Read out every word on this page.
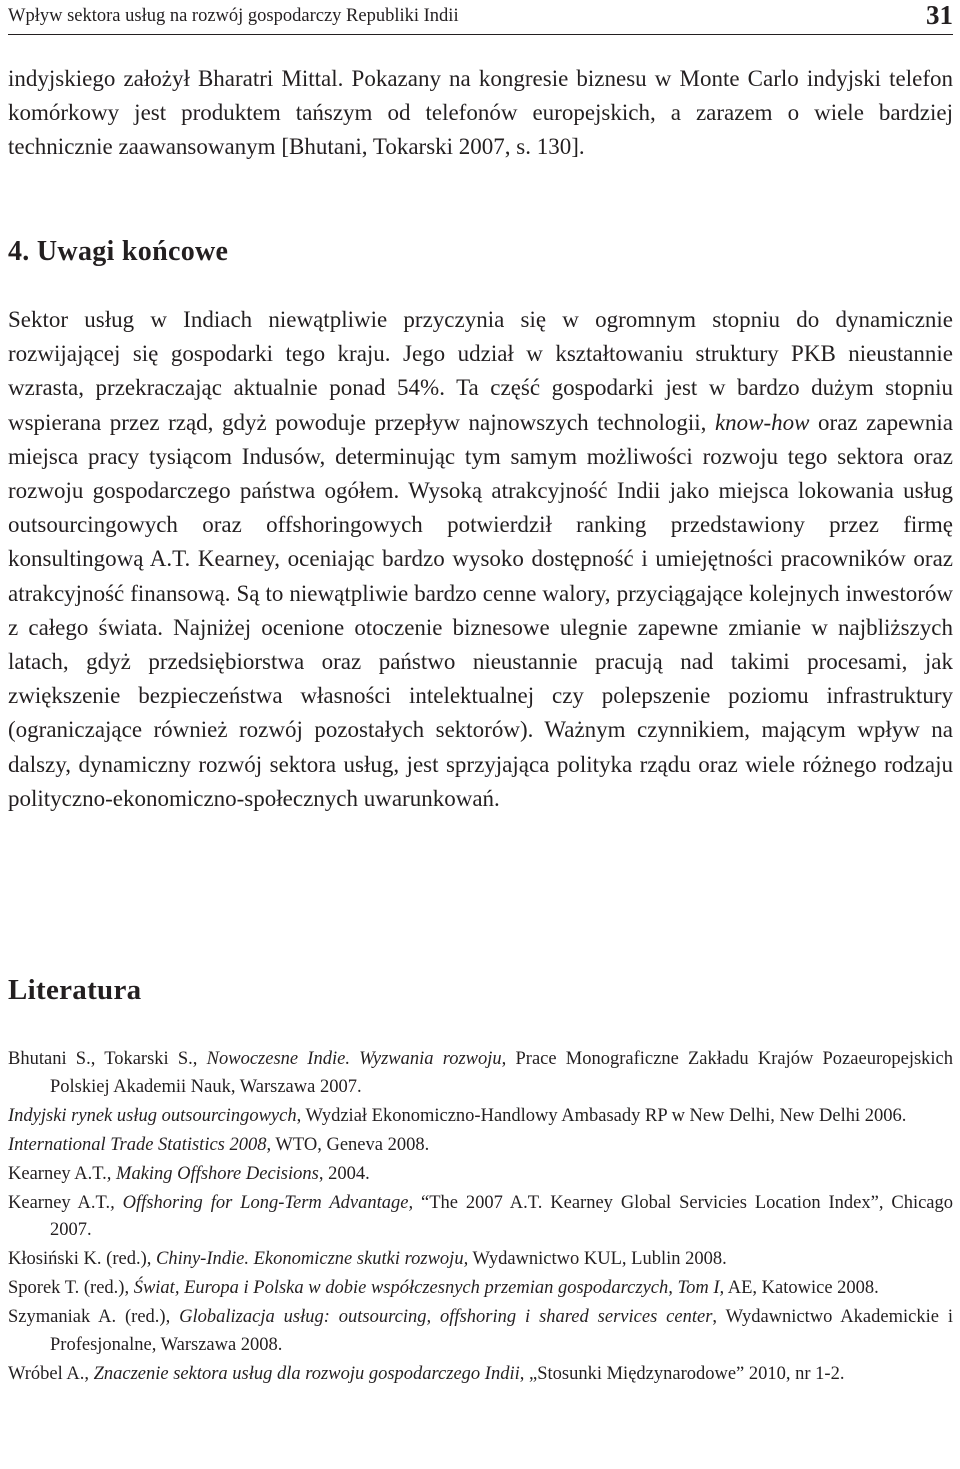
Wpływ sektora usług na rozwój gospodarczy Republiki Indii	31

indyjskiego założył Bharatri Mittal. Pokazany na kongresie biznesu w Monte Carlo indyjski telefon komórkowy jest produktem tańszym od telefonów europejskich, a zarazem o wiele bardziej technicznie zaawansowanym [Bhutani, Tokarski 2007, s. 130].

4. Uwagi końcowe

Sektor usług w Indiach niewątpliwie przyczynia się w ogromnym stopniu do dynamicznie rozwijającej się gospodarki tego kraju. Jego udział w kształtowaniu struktury PKB nieustannie wzrasta, przekraczając aktualnie ponad 54%. Ta część gospodarki jest w bardzo dużym stopniu wspierana przez rząd, gdyż powoduje przepływ najnowszych technologii, know-how oraz zapewnia miejsca pracy tysiącom Indusów, determinując tym samym możliwości rozwoju tego sektora oraz rozwoju gospodarczego państwa ogółem. Wysoką atrakcyjność Indii jako miejsca lokowania usług outsourcingowych oraz offshoringowych potwierdził ranking przedstawiony przez firmę konsultingową A.T. Kearney, oceniając bardzo wysoko dostępność i umiejętności pracowników oraz atrakcyjność finansową. Są to niewątpliwie bardzo cenne walory, przyciągające kolejnych inwestorów z całego świata. Najniżej ocenione otoczenie biznesowe ulegnie zapewne zmianie w najbliższych latach, gdyż przedsiębiorstwa oraz państwo nieustannie pracują nad takimi procesami, jak zwiększenie bezpieczeństwa własności intelektualnej czy polepszenie poziomu infrastruktury (ograniczające również rozwój pozostałych sektorów). Ważnym czynnikiem, mającym wpływ na dalszy, dynamiczny rozwój sektora usług, jest sprzyjająca polityka rządu oraz wiele różnego rodzaju polityczno-ekonomiczno-społecznych uwarunkowań.

Literatura

Bhutani S., Tokarski S., Nowoczesne Indie. Wyzwania rozwoju, Prace Monograficzne Zakładu Krajów Pozaeuropejskich Polskiej Akademii Nauk, Warszawa 2007.

Indyjski rynek usług outsourcingowych, Wydział Ekonomiczno-Handlowy Ambasady RP w New Delhi, New Delhi 2006.

International Trade Statistics 2008, WTO, Geneva 2008.

Kearney A.T., Making Offshore Decisions, 2004.

Kearney A.T., Offshoring for Long-Term Advantage, “The 2007 A.T. Kearney Global Servicies Location Index”, Chicago 2007.

Kłosiński K. (red.), Chiny-Indie. Ekonomiczne skutki rozwoju, Wydawnictwo KUL, Lublin 2008.

Sporek T. (red.), Świat, Europa i Polska w dobie współczesnych przemian gospodarczych, Tom I, AE, Katowice 2008.

Szymaniak A. (red.), Globalizacja usług: outsourcing, offshoring i shared services center, Wydawnictwo Akademickie i Profesjonalne, Warszawa 2008.

Wróbel A., Znaczenie sektora usług dla rozwoju gospodarczego Indii, „Stosunki Międzynarodowe” 2010, nr 1-2.
